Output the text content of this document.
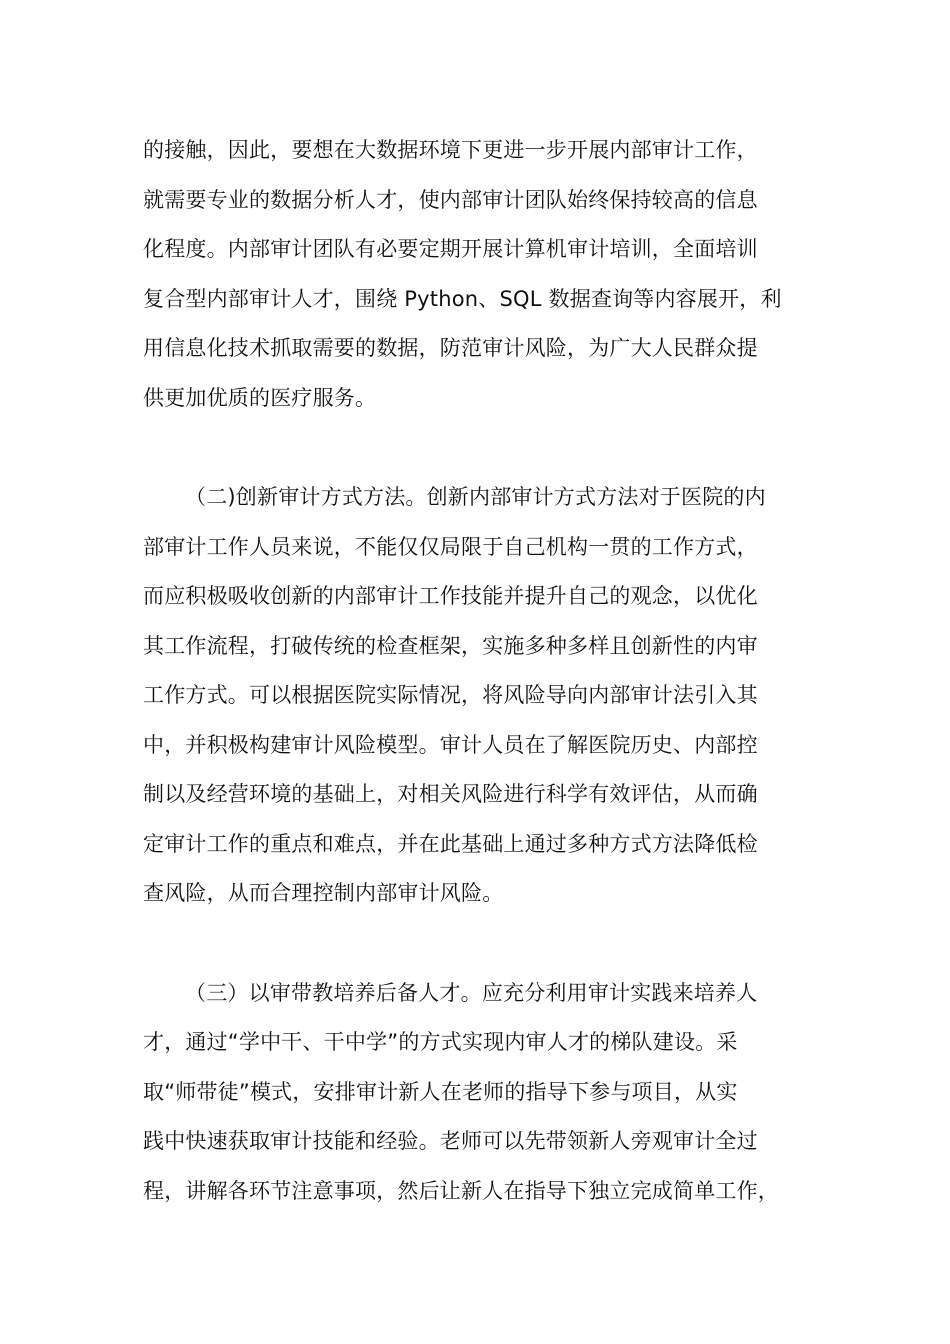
的接触，因此，要想在大数据环境下更进一步开展内部审计工作，
就需要专业的数据分析人才，使内部审计团队始终保持较高的信息
化程度。内部审计团队有必要定期开展计算机审计培训，全面培训
复合型内部审计人才，围绕 Python、SQL 数据查询等内容展开，利
用信息化技术抓取需要的数据，防范审计风险，为广大人民群众提
供更加优质的医疗服务。
（二)创新审计方式方法。创新内部审计方式方法对于医院的内
部审计工作人员来说，不能仅仅局限于自己机构一贯的工作方式，
而应积极吸收创新的内部审计工作技能并提升自己的观念，以优化
其工作流程，打破传统的检查框架，实施多种多样且创新性的内审
工作方式。可以根据医院实际情况，将风险导向内部审计法引入其
中，并积极构建审计风险模型。审计人员在了解医院历史、内部控
制以及经营环境的基础上，对相关风险进行科学有效评估，从而确
定审计工作的重点和难点，并在此基础上通过多种方式方法降低检
查风险，从而合理控制内部审计风险。
（三）以审带教培养后备人才。应充分利用审计实践来培养人
才，通过“学中干、干中学”的方式实现内审人才的梯队建设。采
取“师带徒”模式，安排审计新人在老师的指导下参与项目，从实
践中快速获取审计技能和经验。老师可以先带领新人旁观审计全过
程，讲解各环节注意事项，然后让新人在指导下独立完成简单工作，
